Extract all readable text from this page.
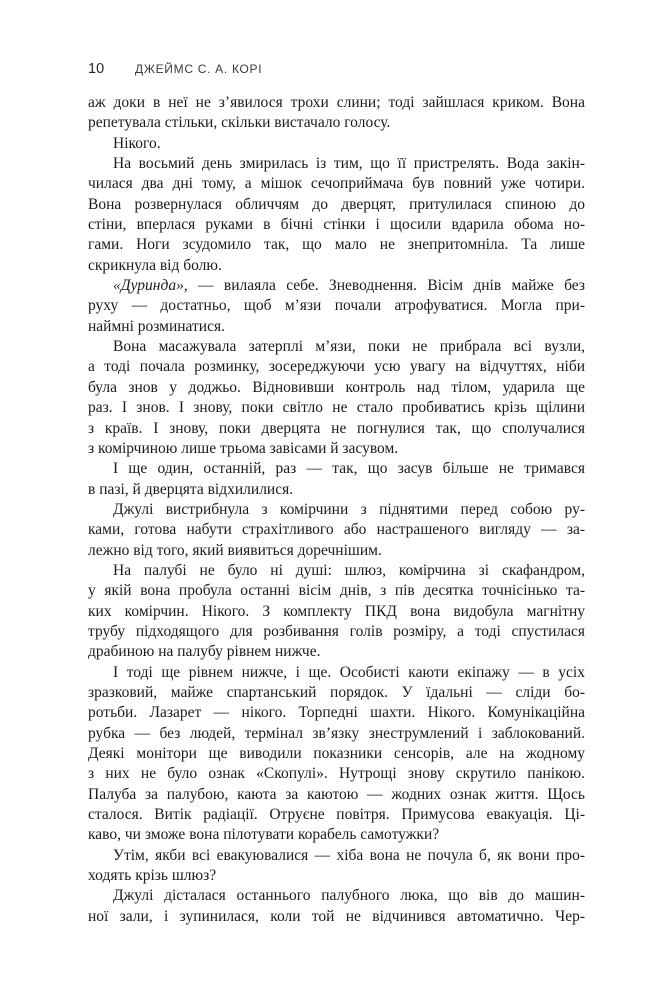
10	ДЖЕЙМС С. А. КОРІ
аж доки в неї не з’явилося трохи слини; тоді зайшлася криком. Вона
репетувала стільки, скільки вистачало голосу.
Нікого.
На восьмий день змирилась із тим, що її пристрелять. Вода закін-
чилася два дні тому, а мішок сечоприймача був повний уже чотири.
Вона розвернулася обличчям до дверцят, притулилася спиною до
стіни, вперлася руками в бічні стінки і щосили вдарила обома но-
гами. Ноги зсудомило так, що мало не знепритомніла. Та лише
скрикнула від болю.
«Дуринда», — вилаяла себе. Зневоднення. Вісім днів майже без
руху — достатньо, щоб м’язи почали атрофуватися. Могла при-
наймні розминатися.
Вона масажувала затерплі м’язи, поки не прибрала всі вузли,
а тоді почала розминку, зосереджуючи усю увагу на відчуттях, ніби
була знов у доджьо. Відновивши контроль над тілом, ударила ще
раз. І знов. І знову, поки світло не стало пробиватись крізь щілини
з країв. І знову, поки дверцята не погнулися так, що сполучалися
з комірчиною лише трьома завісами й засувом.
І ще один, останній, раз — так, що засув більше не тримався
в пазі, й дверцята відхилилися.
Джулі вистрибнула з комірчини з піднятими перед собою ру-
ками, готова набути страхітливого або настрашеного вигляду — за-
лежно від того, який виявиться доречнішим.
На палубі не було ні душі: шлюз, комірчина зі скафандром,
у якій вона пробула останні вісім днів, з пів десятка точнісінько та-
ких комірчин. Нікого. З комплекту ПКД вона видобула магнітну
трубу підходящого для розбивання голів розміру, а тоді спустилася
драбиною на палубу рівнем нижче.
І тоді ще рівнем нижче, і ще. Особисті каюти екіпажу — в усіх
зразковий, майже спартанський порядок. У їдальні — сліди бо-
ротьби. Лазарет — нікого. Торпедні шахти. Нікого. Комунікаційна
рубка — без людей, термінал зв’язку знеструмлений і заблокований.
Деякі монітори ще виводили показники сенсорів, але на жодному
з них не було ознак «Скопулі». Нутрощі знову скрутило панікою.
Палуба за палубою, каюта за каютою — жодних ознак життя. Щось
сталося. Витік радіації. Отруєне повітря. Примусова евакуація. Ці-
каво, чи зможе вона пілотувати корабель самотужки?
Утім, якби всі евакуювалися — хіба вона не почула б, як вони про-
ходять крізь шлюз?
Джулі дісталася останнього палубного люка, що вів до машин-
ної зали, і зупинилася, коли той не відчинився автоматично. Чер-
